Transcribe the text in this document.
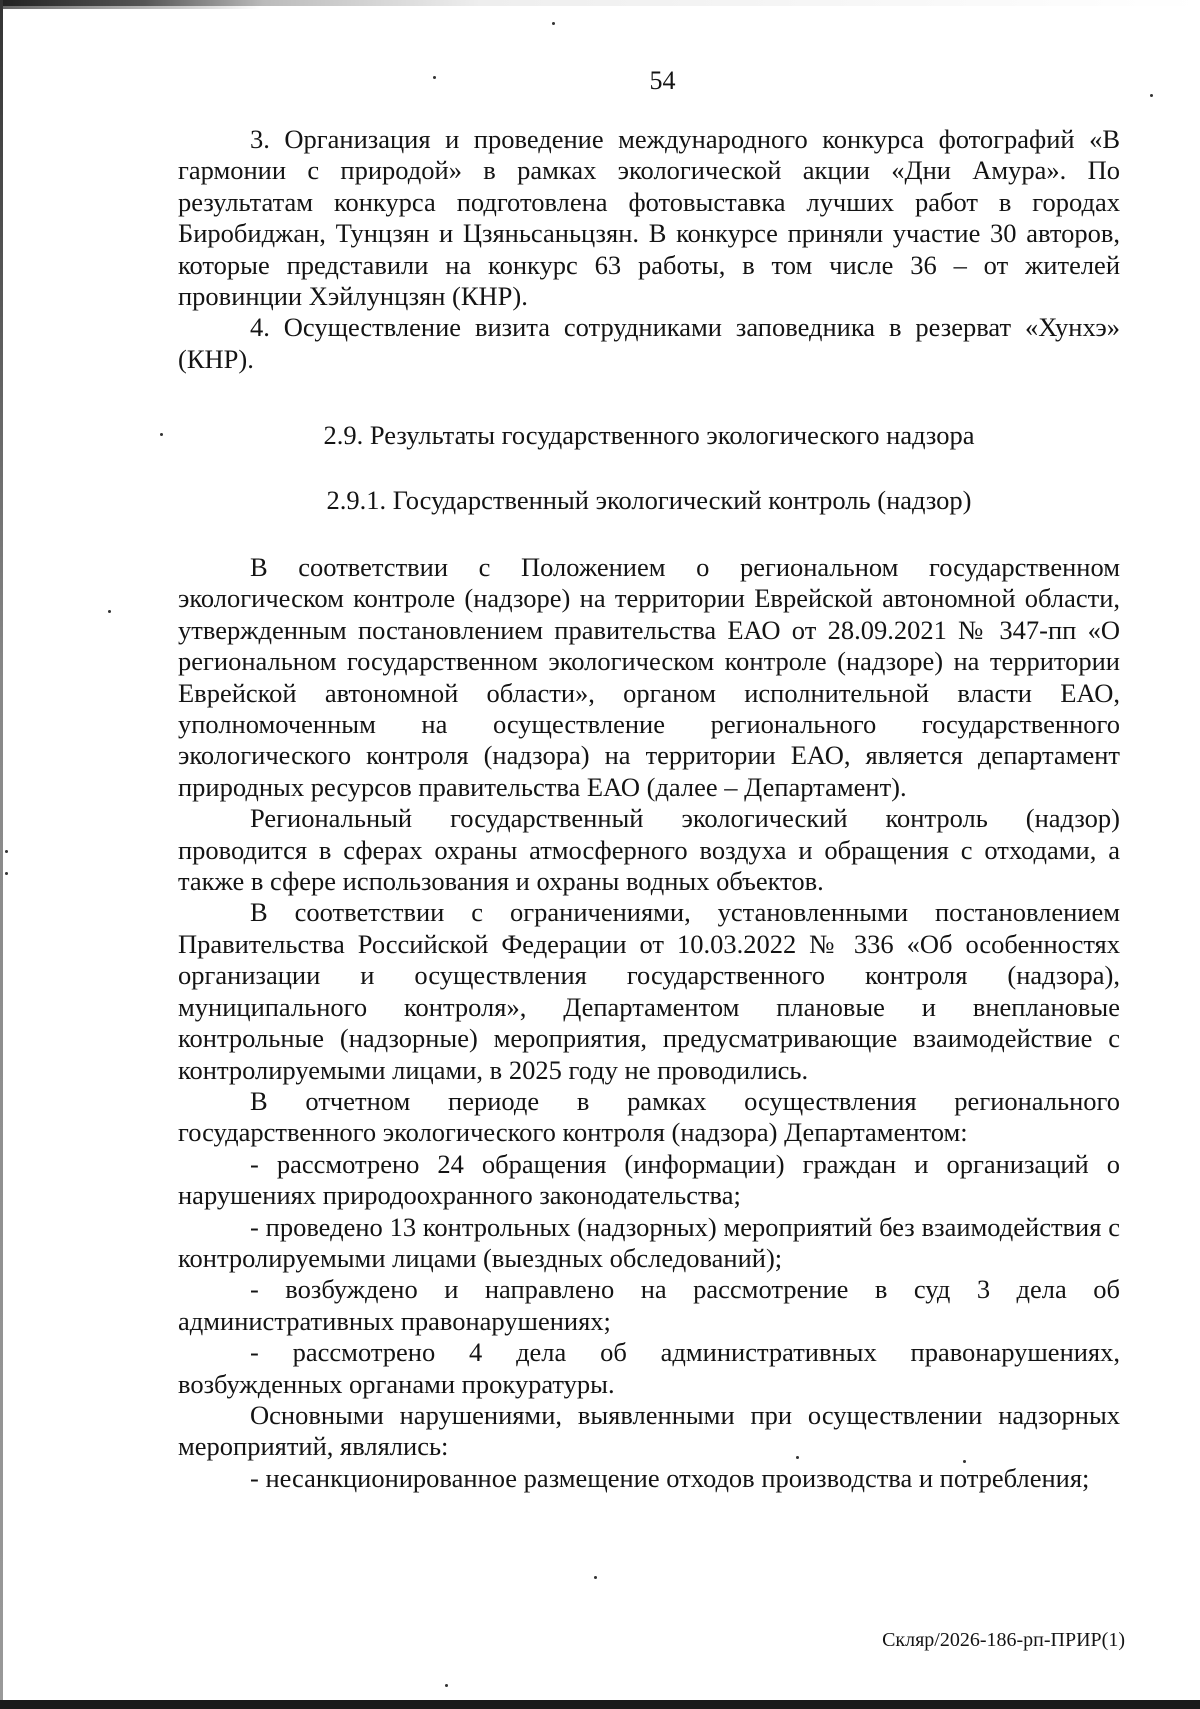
54

3. Организация и проведение международного конкурса фотографий «В гармонии с природой» в рамках экологической акции «Дни Амура». По результатам конкурса подготовлена фотовыставка лучших работ в городах Биробиджан, Тунцзян и Цзяньсаньцзян. В конкурсе приняли участие 30 авторов, которые представили на конкурс 63 работы, в том числе 36 – от жителей провинции Хэйлунцзян (КНР).

4. Осуществление визита сотрудниками заповедника в резерват «Хунхэ» (КНР).

2.9. Результаты государственного экологического надзора

2.9.1. Государственный экологический контроль (надзор)

В соответствии с Положением о региональном государственном экологическом контроле (надзоре) на территории Еврейской автономной области, утвержденным постановлением правительства ЕАО от 28.09.2021 № 347-пп «О региональном государственном экологическом контроле (надзоре) на территории Еврейской автономной области», органом исполнительной власти ЕАО, уполномоченным на осуществление регионального государственного экологического контроля (надзора) на территории ЕАО, является департамент природных ресурсов правительства ЕАО (далее – Департамент).

Региональный государственный экологический контроль (надзор) проводится в сферах охраны атмосферного воздуха и обращения с отходами, а также в сфере использования и охраны водных объектов.

В соответствии с ограничениями, установленными постановлением Правительства Российской Федерации от 10.03.2022 № 336 «Об особенностях организации и осуществления государственного контроля (надзора), муниципального контроля», Департаментом плановые и внеплановые контрольные (надзорные) мероприятия, предусматривающие взаимодействие с контролируемыми лицами, в 2025 году не проводились.

В отчетном периоде в рамках осуществления регионального государственного экологического контроля (надзора) Департаментом:

- рассмотрено 24 обращения (информации) граждан и организаций о нарушениях природоохранного законодательства;

- проведено 13 контрольных (надзорных) мероприятий без взаимодействия с контролируемыми лицами (выездных обследований);

- возбуждено и направлено на рассмотрение в суд 3 дела об административных правонарушениях;

- рассмотрено 4 дела об административных правонарушениях, возбужденных органами прокуратуры.

Основными нарушениями, выявленными при осуществлении надзорных мероприятий, являлись:

- несанкционированное размещение отходов производства и потребления;

Скляр/2026-186-рп-ПРИР(1)
